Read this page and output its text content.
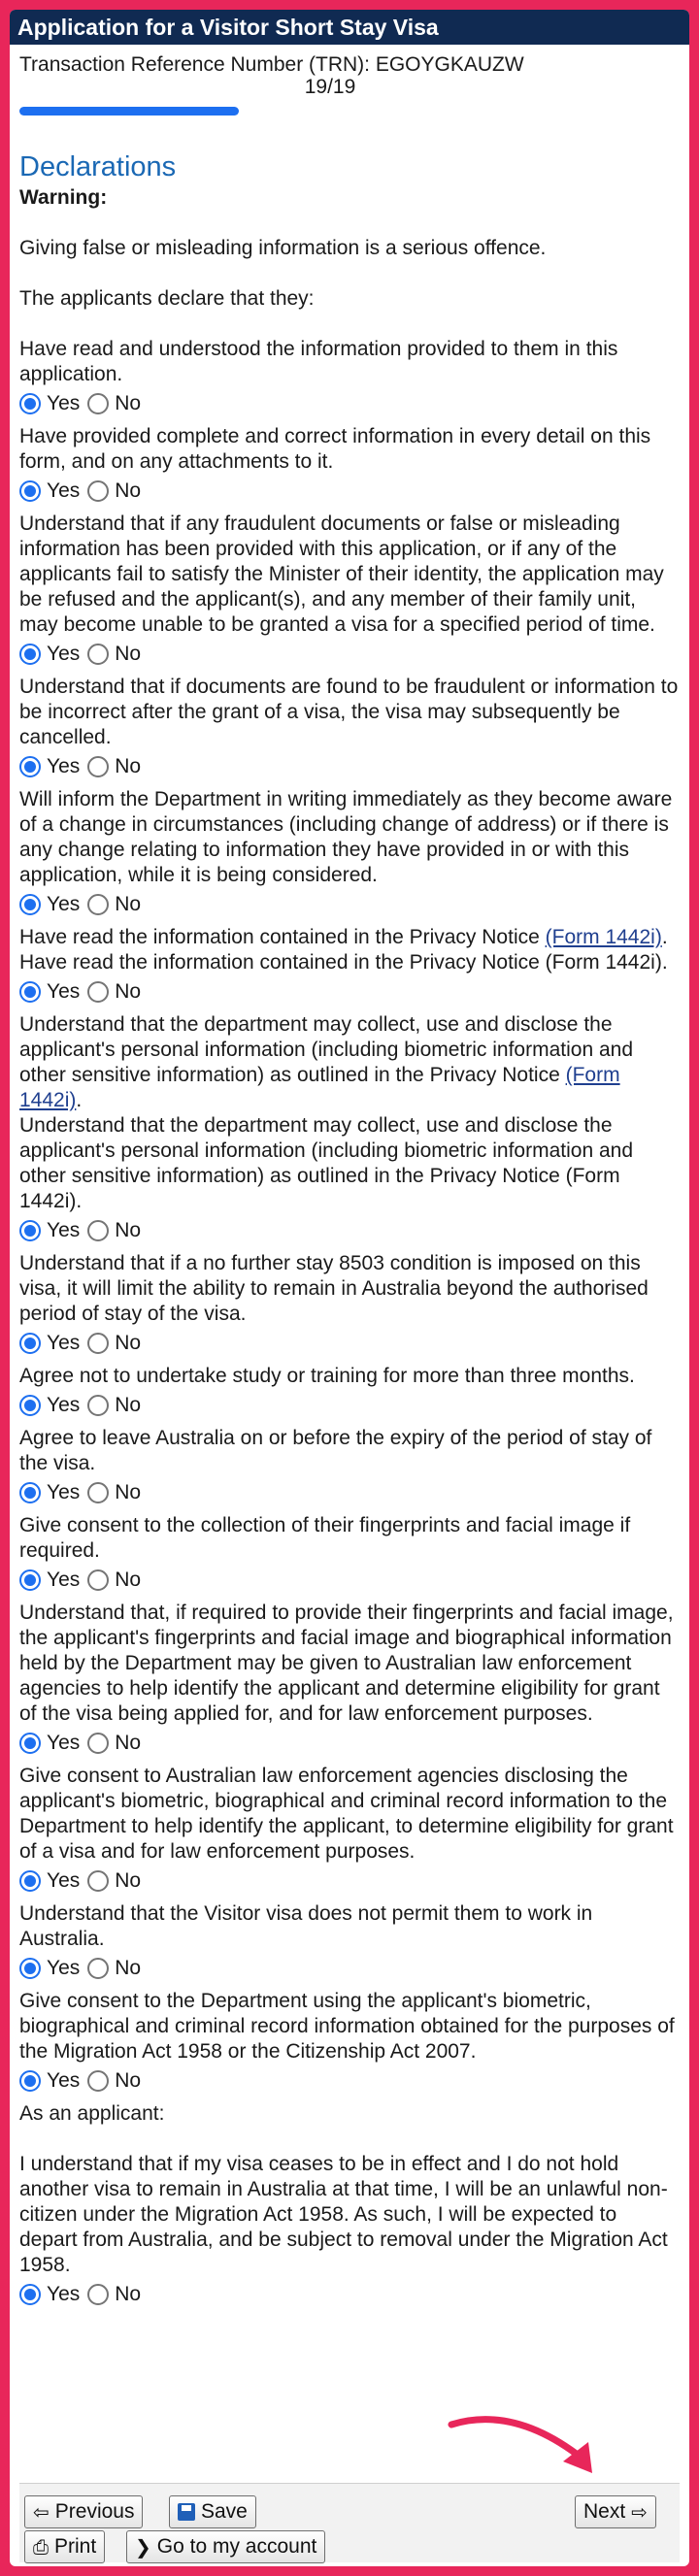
Application for a Visitor Short Stay Visa
Transaction Reference Number (TRN): EGOYGKAUZW
19/19
Declarations
Warning:
Giving false or misleading information is a serious offence.
The applicants declare that they:
Have read and understood the information provided to them in this application.
Yes No
Have provided complete and correct information in every detail on this form, and on any attachments to it.
Yes No
Understand that if any fraudulent documents or false or misleading information has been provided with this application, or if any of the applicants fail to satisfy the Minister of their identity, the application may be refused and the applicant(s), and any member of their family unit, may become unable to be granted a visa for a specified period of time.
Yes No
Understand that if documents are found to be fraudulent or information to be incorrect after the grant of a visa, the visa may subsequently be cancelled.
Yes No
Will inform the Department in writing immediately as they become aware of a change in circumstances (including change of address) or if there is any change relating to information they have provided in or with this application, while it is being considered.
Yes No
Have read the information contained in the Privacy Notice (Form 1442i).
Have read the information contained in the Privacy Notice (Form 1442i).
Yes No
Understand that the department may collect, use and disclose the applicant's personal information (including biometric information and other sensitive information) as outlined in the Privacy Notice (Form 1442i).
Understand that the department may collect, use and disclose the applicant's personal information (including biometric information and other sensitive information) as outlined in the Privacy Notice (Form 1442i).
Yes No
Understand that if a no further stay 8503 condition is imposed on this visa, it will limit the ability to remain in Australia beyond the authorised period of stay of the visa.
Yes No
Agree not to undertake study or training for more than three months.
Yes No
Agree to leave Australia on or before the expiry of the period of stay of the visa.
Yes No
Give consent to the collection of their fingerprints and facial image if required.
Yes No
Understand that, if required to provide their fingerprints and facial image, the applicant's fingerprints and facial image and biographical information held by the Department may be given to Australian law enforcement agencies to help identify the applicant and determine eligibility for grant of the visa being applied for, and for law enforcement purposes.
Yes No
Give consent to Australian law enforcement agencies disclosing the applicant's biometric, biographical and criminal record information to the Department to help identify the applicant, to determine eligibility for grant of a visa and for law enforcement purposes.
Yes No
Understand that the Visitor visa does not permit them to work in Australia.
Yes No
Give consent to the Department using the applicant's biometric, biographical and criminal record information obtained for the purposes of the Migration Act 1958 or the Citizenship Act 2007.
Yes No
As an applicant:
I understand that if my visa ceases to be in effect and I do not hold another visa to remain in Australia at that time, I will be an unlawful non-citizen under the Migration Act 1958. As such, I will be expected to depart from Australia, and be subject to removal under the Migration Act 1958.
Yes No
⇦ Previous	Save
⎙ Print ❯ Go to my account
Next ⇨
